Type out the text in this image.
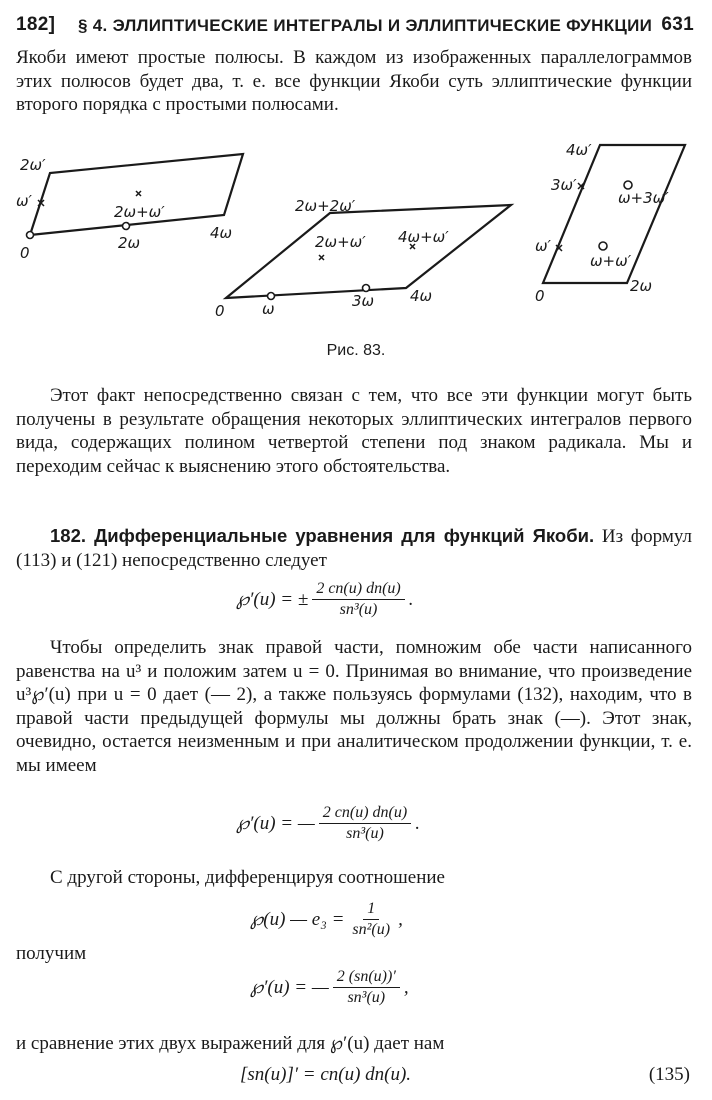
182] § 4. ЭЛЛИПТИЧЕСКИЕ ИНТЕГРАЛЫ И ЭЛЛИПТИЧЕСКИЕ ФУНКЦИИ 631

Якоби имеют простые полюсы. В каждом из изображенных параллелограммов этих полюсов будет два, т. е. все функции Якоби суть эллиптические функции второго порядка с простыми полюсами.

2ω′
ω′
0
2ω+ω′
2ω
4ω
2ω+2ω′
2ω+ω′ 4ω+ω′
0 ω	3ω 4ω
4ω′
3ω′
ω+3ω′
ω′
ω+ω′
0
2ω
Рис. 83.

Этот факт непосредственно связан с тем, что все эти функции могут быть получены в результате обращения некоторых эллиптических интегралов первого вида, содержащих полином четвертой степени под знаком радикала. Мы и переходим сейчас к выяснению этого обстоятельства.

182. Дифференциальные уравнения для функций Якоби. Из формул (113) и (121) непосредственно следует

℘′(u) = ± $\frac{2 cn(u) dn(u)}{\text{sn³(u)}}$ .

Чтобы определить знак правой части, помножим обе части написанного равенства на u³ и положим затем u = 0. Принимая во внимание, что произведение u³℘′(u) при u = 0 дает (— 2), а также пользуясь формулами (132), находим, что в правой части предыдущей формулы мы должны брать знак (—). Этот знак, очевидно, остается неизменным и при аналитическом продолжении функции, т. е. мы имеем

℘′(u) = — $\frac{2 cn(u) dn(u)}{\text{sn³(u)}}$ .

С другой стороны, дифференцируя соотношение

℘(u) — $e_3 = \frac{1}{\text{sn²(u)}}$ ,

получим

℘′(u) = — $\frac{2 (sn(u))'}{\text{sn³(u)}}$ ,

и сравнение этих двух выражений для ℘′(u) дает нам

[sn(u)]′ = cn(u) dn(u).	(135)
